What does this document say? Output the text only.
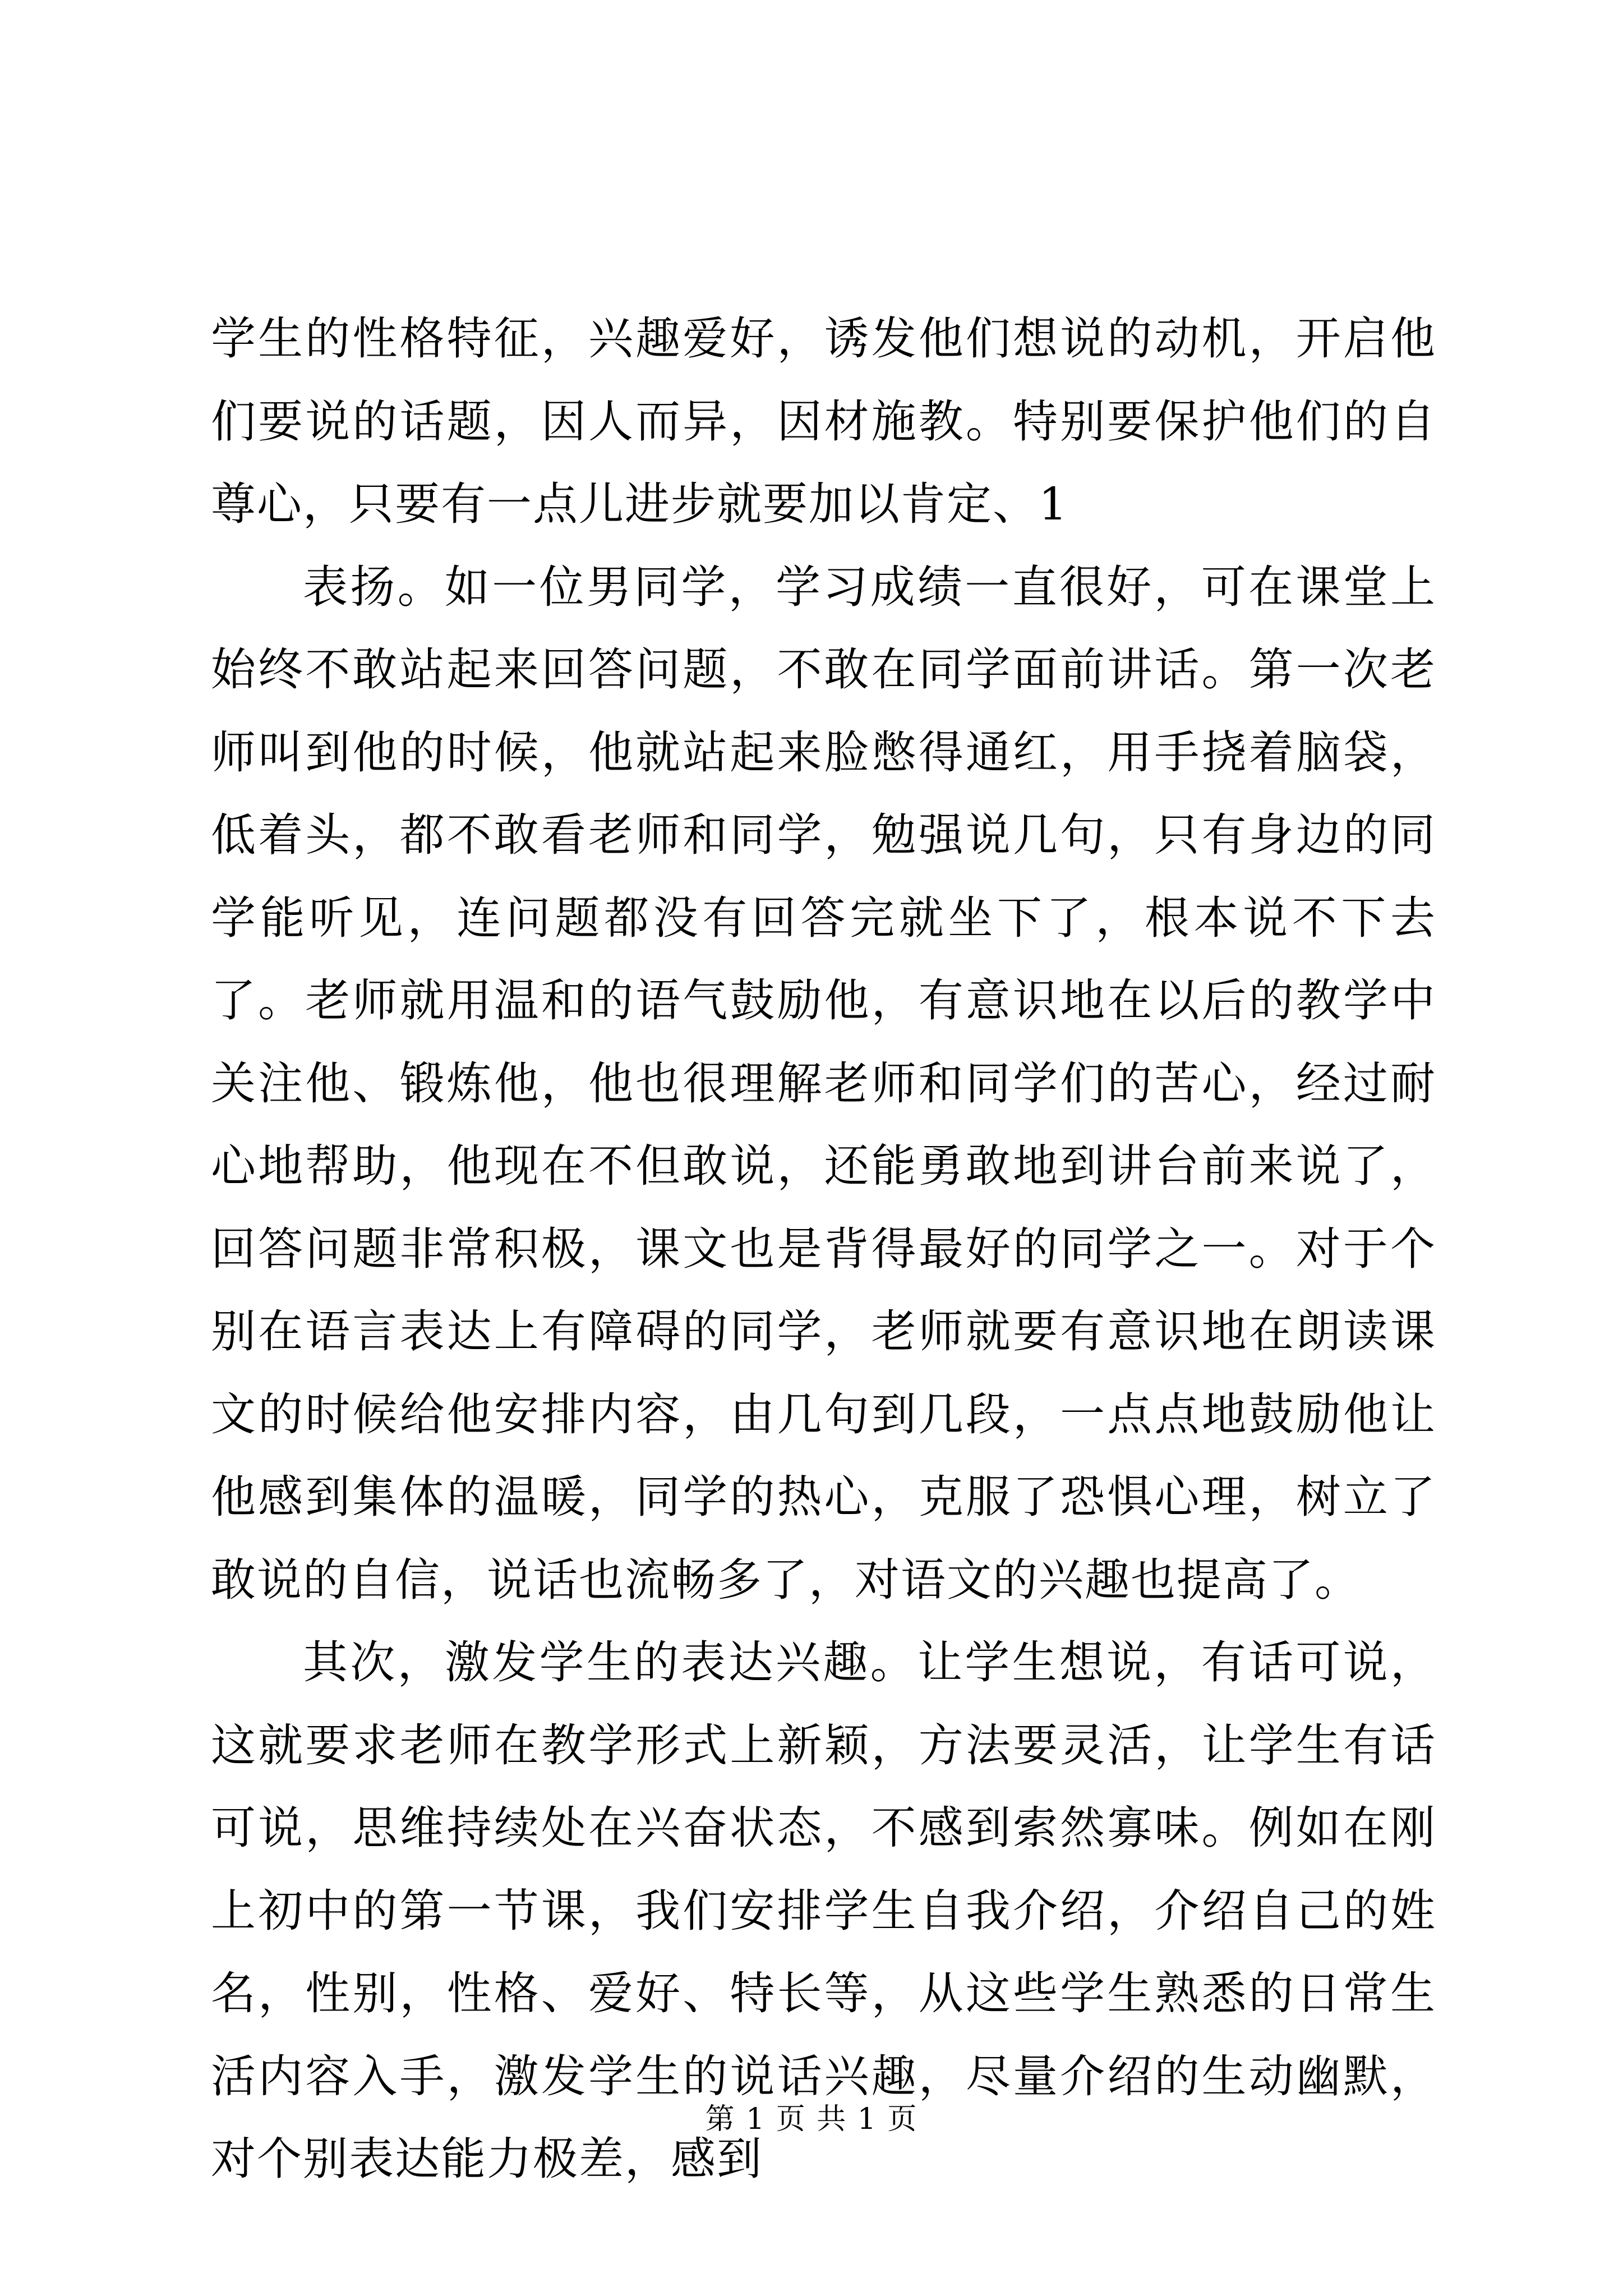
学生的性格特征，兴趣爱好，诱发他们想说的动机，开启他们要说的话题，因人而异，因材施教。特别要保护他们的自尊心，只要有一点儿进步就要加以肯定、1

表扬。如一位男同学，学习成绩一直很好，可在课堂上始终不敢站起来回答问题，不敢在同学面前讲话。第一次老师叫到他的时候，他就站起来脸憋得通红，用手挠着脑袋，低着头，都不敢看老师和同学，勉强说几句，只有身边的同学能听见，连问题都没有回答完就坐下了，根本说不下去了。老师就用温和的语气鼓励他，有意识地在以后的教学中关注他、锻炼他，他也很理解老师和同学们的苦心，经过耐心地帮助，他现在不但敢说，还能勇敢地到讲台前来说了，回答问题非常积极，课文也是背得最好的同学之一。对于个别在语言表达上有障碍的同学，老师就要有意识地在朗读课文的时候给他安排内容，由几句到几段，一点点地鼓励他让他感到集体的温暖，同学的热心，克服了恐惧心理，树立了敢说的自信，说话也流畅多了，对语文的兴趣也提高了。

其次，激发学生的表达兴趣。让学生想说，有话可说，这就要求老师在教学形式上新颖，方法要灵活，让学生有话可说，思维持续处在兴奋状态，不感到索然寡味。例如在刚上初中的第一节课，我们安排学生自我介绍，介绍自己的姓名，性别，性格、爱好、特长等，从这些学生熟悉的日常生活内容入手，激发学生的说话兴趣，尽量介绍的生动幽默，对个别表达能力极差，感到

第 1 页 共 1 页
